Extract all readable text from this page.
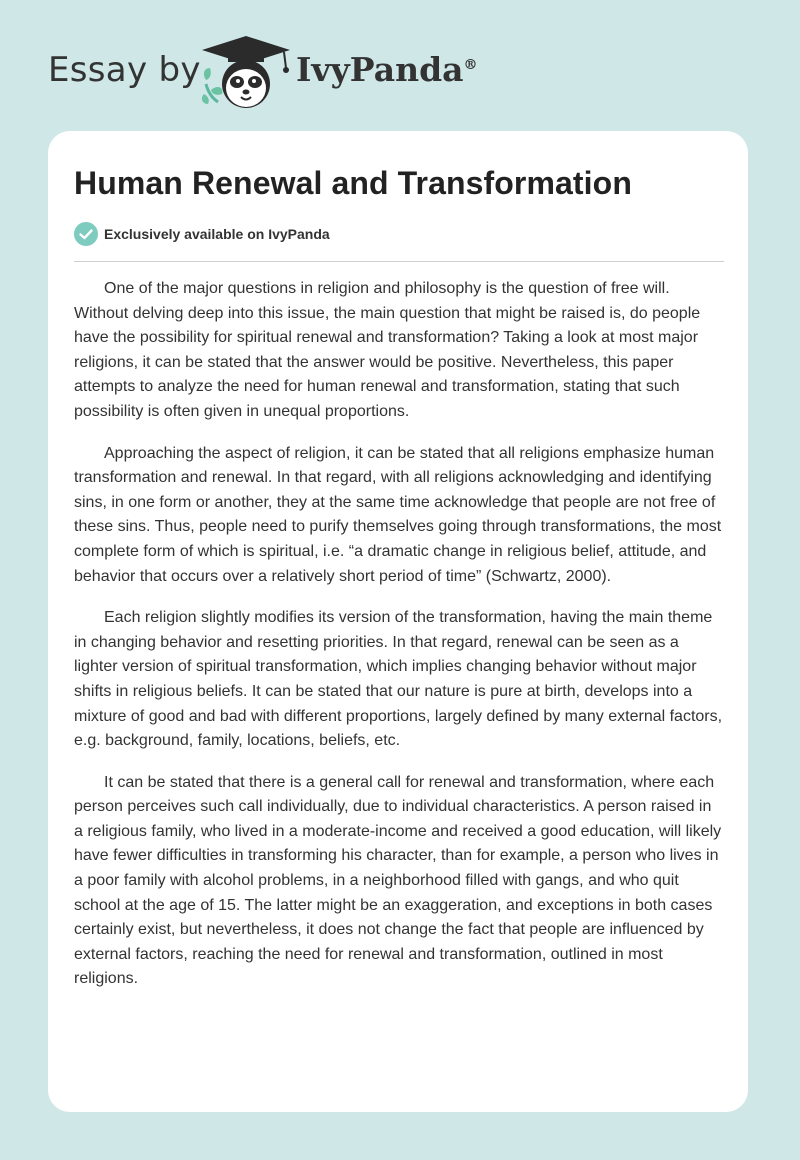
Essay by	IvyPanda®
Human Renewal and Transformation
Exclusively available on IvyPanda

One of the major questions in religion and philosophy is the question of free will. Without delving deep into this issue, the main question that might be raised is, do people have the possibility for spiritual renewal and transformation? Taking a look at most major religions, it can be stated that the answer would be positive. Nevertheless, this paper attempts to analyze the need for human renewal and transformation, stating that such possibility is often given in unequal proportions.

Approaching the aspect of religion, it can be stated that all religions emphasize human transformation and renewal. In that regard, with all religions acknowledging and identifying sins, in one form or another, they at the same time acknowledge that people are not free of these sins. Thus, people need to purify themselves going through transformations, the most complete form of which is spiritual, i.e. “a dramatic change in religious belief, attitude, and behavior that occurs over a relatively short period of time” (Schwartz, 2000).

Each religion slightly modifies its version of the transformation, having the main theme in changing behavior and resetting priorities. In that regard, renewal can be seen as a lighter version of spiritual transformation, which implies changing behavior without major shifts in religious beliefs. It can be stated that our nature is pure at birth, develops into a mixture of good and bad with different proportions, largely defined by many external factors, e.g. background, family, locations, beliefs, etc.

It can be stated that there is a general call for renewal and transformation, where each person perceives such call individually, due to individual characteristics. A person raised in a religious family, who lived in a moderate-income and received a good education, will likely have fewer difficulties in transforming his character, than for example, a person who lives in a poor family with alcohol problems, in a neighborhood filled with gangs, and who quit school at the age of 15. The latter might be an exaggeration, and exceptions in both cases certainly exist, but nevertheless, it does not change the fact that people are influenced by external factors, reaching the need for renewal and transformation, outlined in most religions.
